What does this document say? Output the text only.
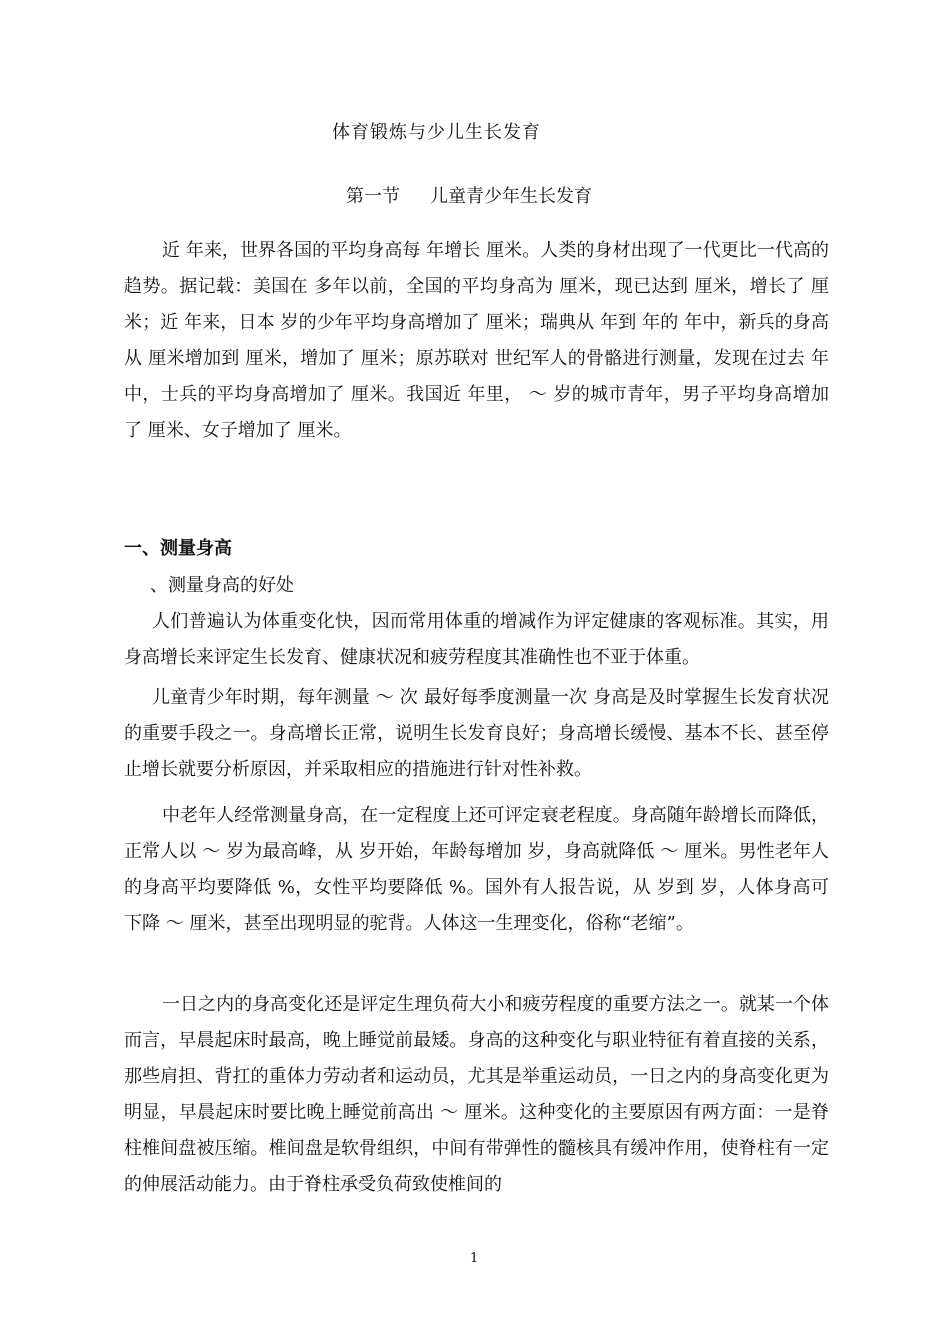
体育锻炼与少儿生长发育
第一节 儿童青少年生长发育

近 年来，世界各国的平均身高每 年增长 厘米。人类的身材出现了一代更比一代高的趋势。据记载：美国在 多年以前，全国的平均身高为 厘米，现已达到 厘米，增长了 厘米；近 年来，日本 岁的少年平均身高增加了 厘米；瑞典从 年到 年的 年中，新兵的身高从 厘米增加到 厘米，增加了 厘米；原苏联对 世纪军人的骨骼进行测量，发现在过去 年中，士兵的平均身高增加了 厘米。我国近 年里， ～ 岁的城市青年，男子平均身高增加了 厘米、女子增加了 厘米。

一、测量身高
、测量身高的好处

人们普遍认为体重变化快，因而常用体重的增减作为评定健康的客观标准。其实，用身高增长来评定生长发育、健康状况和疲劳程度其准确性也不亚于体重。

儿童青少年时期，每年测量 ～ 次 最好每季度测量一次 身高是及时掌握生长发育状况的重要手段之一。身高增长正常，说明生长发育良好；身高增长缓慢、基本不长、甚至停止增长就要分析原因，并采取相应的措施进行针对性补救。

中老年人经常测量身高，在一定程度上还可评定衰老程度。身高随年龄增长而降低，正常人以 ～ 岁为最高峰，从 岁开始，年龄每增加 岁，身高就降低 ～ 厘米。男性老年人的身高平均要降低 %，女性平均要降低 %。国外有人报告说，从 岁到 岁，人体身高可下降 ～ 厘米，甚至出现明显的驼背。人体这一生理变化，俗称“老缩”。

一日之内的身高变化还是评定生理负荷大小和疲劳程度的重要方法之一。就某一个体而言，早晨起床时最高，晚上睡觉前最矮。身高的这种变化与职业特征有着直接的关系，那些肩担、背扛的重体力劳动者和运动员，尤其是举重运动员，一日之内的身高变化更为明显，早晨起床时要比晚上睡觉前高出 ～ 厘米。这种变化的主要原因有两方面：一是脊柱椎间盘被压缩。椎间盘是软骨组织，中间有带弹性的髓核具有缓冲作用，使脊柱有一定的伸展活动能力。由于脊柱承受负荷致使椎间的

1
